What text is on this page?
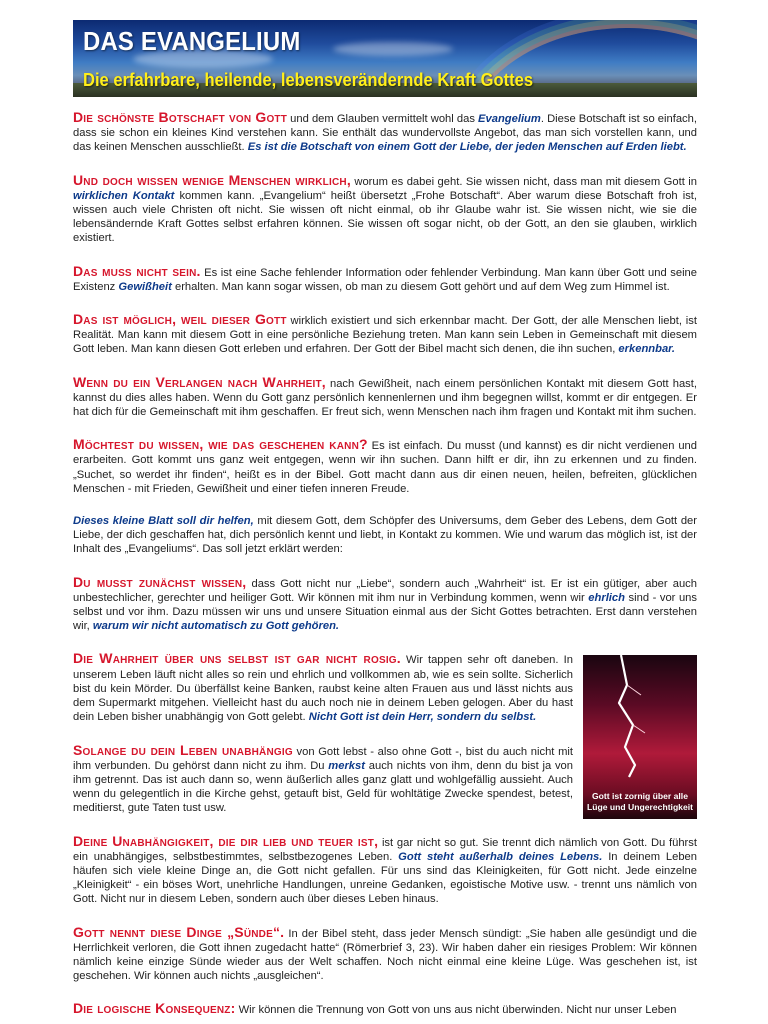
DAS EVANGELIUM
Die erfahrbare, heilende, lebensverändernde Kraft Gottes

Die schönste Botschaft von Gott und dem Glauben vermittelt wohl das Evangelium. Diese Botschaft ist so einfach, dass sie schon ein kleines Kind verstehen kann. Sie enthält das wundervollste Angebot, das man sich vorstellen kann, und das keinen Menschen ausschließt. Es ist die Botschaft von einem Gott der Liebe, der jeden Menschen auf Erden liebt.

Und doch wissen wenige Menschen wirklich, worum es dabei geht. Sie wissen nicht, dass man mit diesem Gott in wirklichen Kontakt kommen kann. „Evangelium“ heißt übersetzt „Frohe Botschaft“. Aber warum diese Botschaft froh ist, wissen auch viele Christen oft nicht. Sie wissen oft nicht einmal, ob ihr Glaube wahr ist. Sie wissen nicht, wie sie die lebensändernde Kraft Gottes selbst erfahren können. Sie wissen oft sogar nicht, ob der Gott, an den sie glauben, wirklich existiert.

Das muss nicht sein. Es ist eine Sache fehlender Information oder fehlender Verbindung. Man kann über Gott und seine Existenz Gewißheit erhalten. Man kann sogar wissen, ob man zu diesem Gott gehört und auf dem Weg zum Himmel ist.

Das ist möglich, weil dieser Gott wirklich existiert und sich erkennbar macht. Der Gott, der alle Menschen liebt, ist Realität. Man kann mit diesem Gott in eine persönliche Beziehung treten. Man kann sein Leben in Gemeinschaft mit diesem Gott leben. Man kann diesen Gott erleben und erfahren. Der Gott der Bibel macht sich denen, die ihn suchen, erkennbar.

Wenn du ein Verlangen nach Wahrheit, nach Gewißheit, nach einem persönlichen Kontakt mit diesem Gott hast, kannst du dies alles haben. Wenn du Gott ganz persönlich kennenlernen und ihm begegnen willst, kommt er dir entgegen. Er hat dich für die Gemeinschaft mit ihm geschaffen. Er freut sich, wenn Menschen nach ihm fragen und Kontakt mit ihm suchen.

Möchtest du wissen, wie das geschehen kann? Es ist einfach. Du musst (und kannst) es dir nicht verdienen und erarbeiten. Gott kommt uns ganz weit entgegen, wenn wir ihn suchen. Dann hilft er dir, ihn zu erkennen und zu finden. „Suchet, so werdet ihr finden“, heißt es in der Bibel. Gott macht dann aus dir einen neuen, heilen, befreiten, glücklichen Menschen - mit Frieden, Gewißheit und einer tiefen inneren Freude.

Dieses kleine Blatt soll dir helfen, mit diesem Gott, dem Schöpfer des Universums, dem Geber des Lebens, dem Gott der Liebe, der dich geschaffen hat, dich persönlich kennt und liebt, in Kontakt zu kommen. Wie und warum das möglich ist, ist der Inhalt des „Evangeliums“. Das soll jetzt erklärt werden:

Du musst zunächst wissen, dass Gott nicht nur „Liebe“, sondern auch „Wahrheit“ ist. Er ist ein gütiger, aber auch unbestechlicher, gerechter und heiliger Gott. Wir können mit ihm nur in Verbindung kommen, wenn wir ehrlich sind - vor uns selbst und vor ihm. Dazu müssen wir uns und unsere Situation einmal aus der Sicht Gottes betrachten. Erst dann verstehen wir, warum wir nicht automatisch zu Gott gehören.

Gott ist zornig über alle
Lüge und Ungerechtigkeit

Die Wahrheit über uns selbst ist gar nicht rosig. Wir tappen sehr oft daneben. In unserem Leben läuft nicht alles so rein und ehrlich und vollkommen ab, wie es sein sollte. Sicherlich bist du kein Mörder. Du überfällst keine Banken, raubst keine alten Frauen aus und lässt nichts aus dem Supermarkt mitgehen. Vielleicht hast du auch noch nie in deinem Leben gelogen. Aber du hast dein Leben bisher unabhängig von Gott gelebt. Nicht Gott ist dein Herr, sondern du selbst.

Solange du dein Leben unabhängig von Gott lebst - also ohne Gott -, bist du auch nicht mit ihm verbunden. Du gehörst dann nicht zu ihm. Du merkst auch nichts von ihm, denn du bist ja von ihm getrennt. Das ist auch dann so, wenn äußerlich alles ganz glatt und wohlgefällig aussieht. Auch wenn du gelegentlich in die Kirche gehst, getauft bist, Geld für wohltätige Zwecke spendest, betest, meditierst, gute Taten tust usw.

Deine Unabhängigkeit, die dir lieb und teuer ist, ist gar nicht so gut. Sie trennt dich nämlich von Gott. Du führst ein unabhängiges, selbstbestimmtes, selbstbezogenes Leben. Gott steht außerhalb deines Lebens. In deinem Leben häufen sich viele kleine Dinge an, die Gott nicht gefallen. Für uns sind das Kleinigkeiten, für Gott nicht. Jede einzelne „Kleinigkeit“ - ein böses Wort, unehrliche Handlungen, unreine Gedanken, egoistische Motive usw. - trennt uns nämlich von Gott. Nicht nur in diesem Leben, sondern auch über dieses Leben hinaus.

Gott nennt diese Dinge „Sünde“. In der Bibel steht, dass jeder Mensch sündigt: „Sie haben alle gesündigt und die Herrlichkeit verloren, die Gott ihnen zugedacht hatte“ (Römerbrief 3, 23). Wir haben daher ein riesiges Problem: Wir können nämlich keine einzige Sünde wieder aus der Welt schaffen. Noch nicht einmal eine kleine Lüge. Was geschehen ist, ist geschehen. Wir können auch nichts „ausgleichen“.

Die logische Konsequenz: Wir können die Trennung von Gott von uns aus nicht überwinden. Nicht nur unser Leben
